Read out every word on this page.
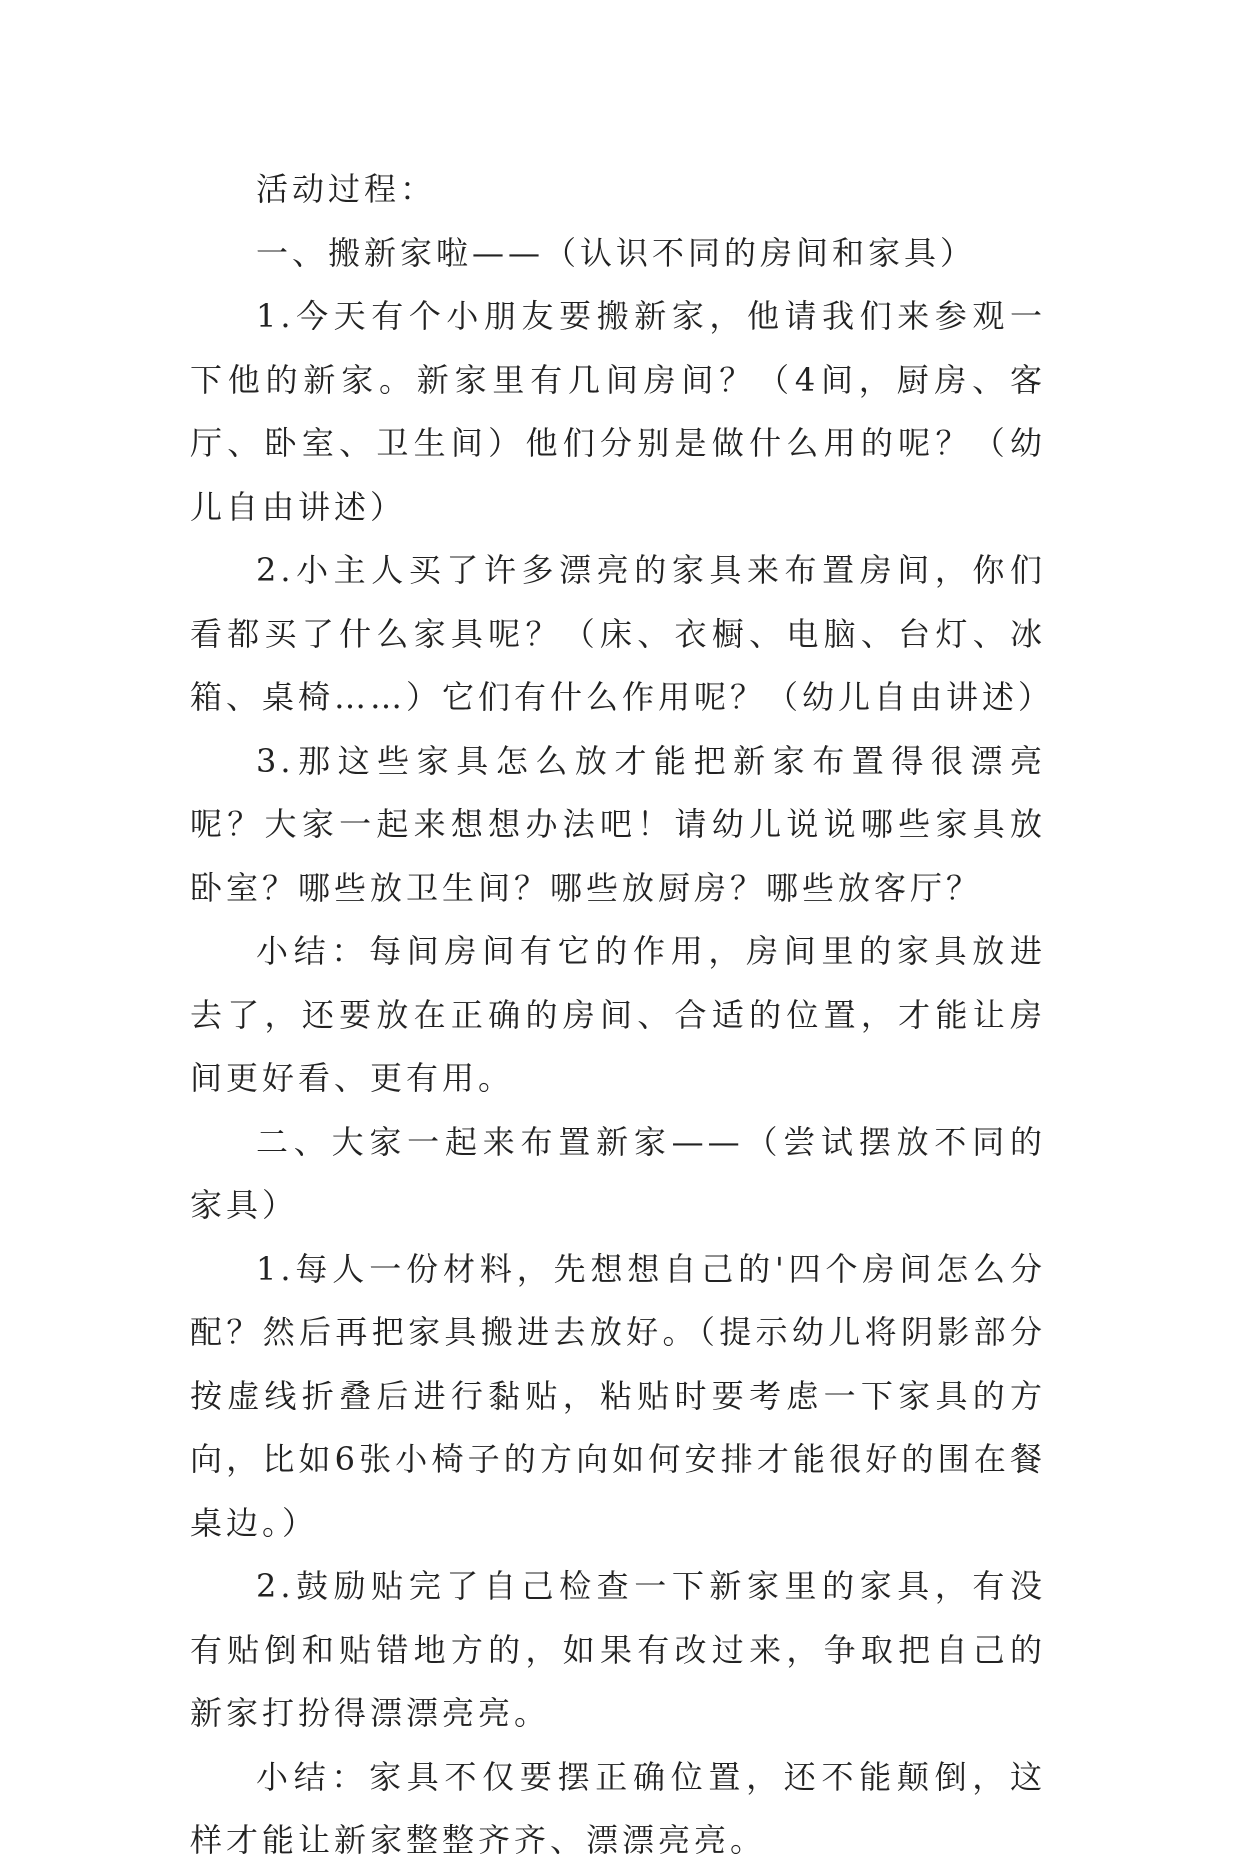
活动过程：

一、搬新家啦——（认识不同的房间和家具）

1.今天有个小朋友要搬新家，他请我们来参观一下他的新家。新家里有几间房间？（4间，厨房、客厅、卧室、卫生间）他们分别是做什么用的呢？（幼儿自由讲述）

2.小主人买了许多漂亮的家具来布置房间，你们看都买了什么家具呢？（床、衣橱、电脑、台灯、冰箱、桌椅……）它们有什么作用呢？（幼儿自由讲述）

3.那这些家具怎么放才能把新家布置得很漂亮呢？大家一起来想想办法吧！请幼儿说说哪些家具放卧室？哪些放卫生间？哪些放厨房？哪些放客厅？

小结：每间房间有它的作用，房间里的家具放进去了，还要放在正确的房间、合适的位置，才能让房间更好看、更有用。

二、大家一起来布置新家——（尝试摆放不同的家具）

1.每人一份材料，先想想自己的'四个房间怎么分配？然后再把家具搬进去放好。（提示幼儿将阴影部分按虚线折叠后进行黏贴，粘贴时要考虑一下家具的方向，比如6张小椅子的方向如何安排才能很好的围在餐桌边。）

2.鼓励贴完了自己检查一下新家里的家具，有没有贴倒和贴错地方的，如果有改过来，争取把自己的新家打扮得漂漂亮亮。

小结：家具不仅要摆正确位置，还不能颠倒，这样才能让新家整整齐齐、漂漂亮亮。
